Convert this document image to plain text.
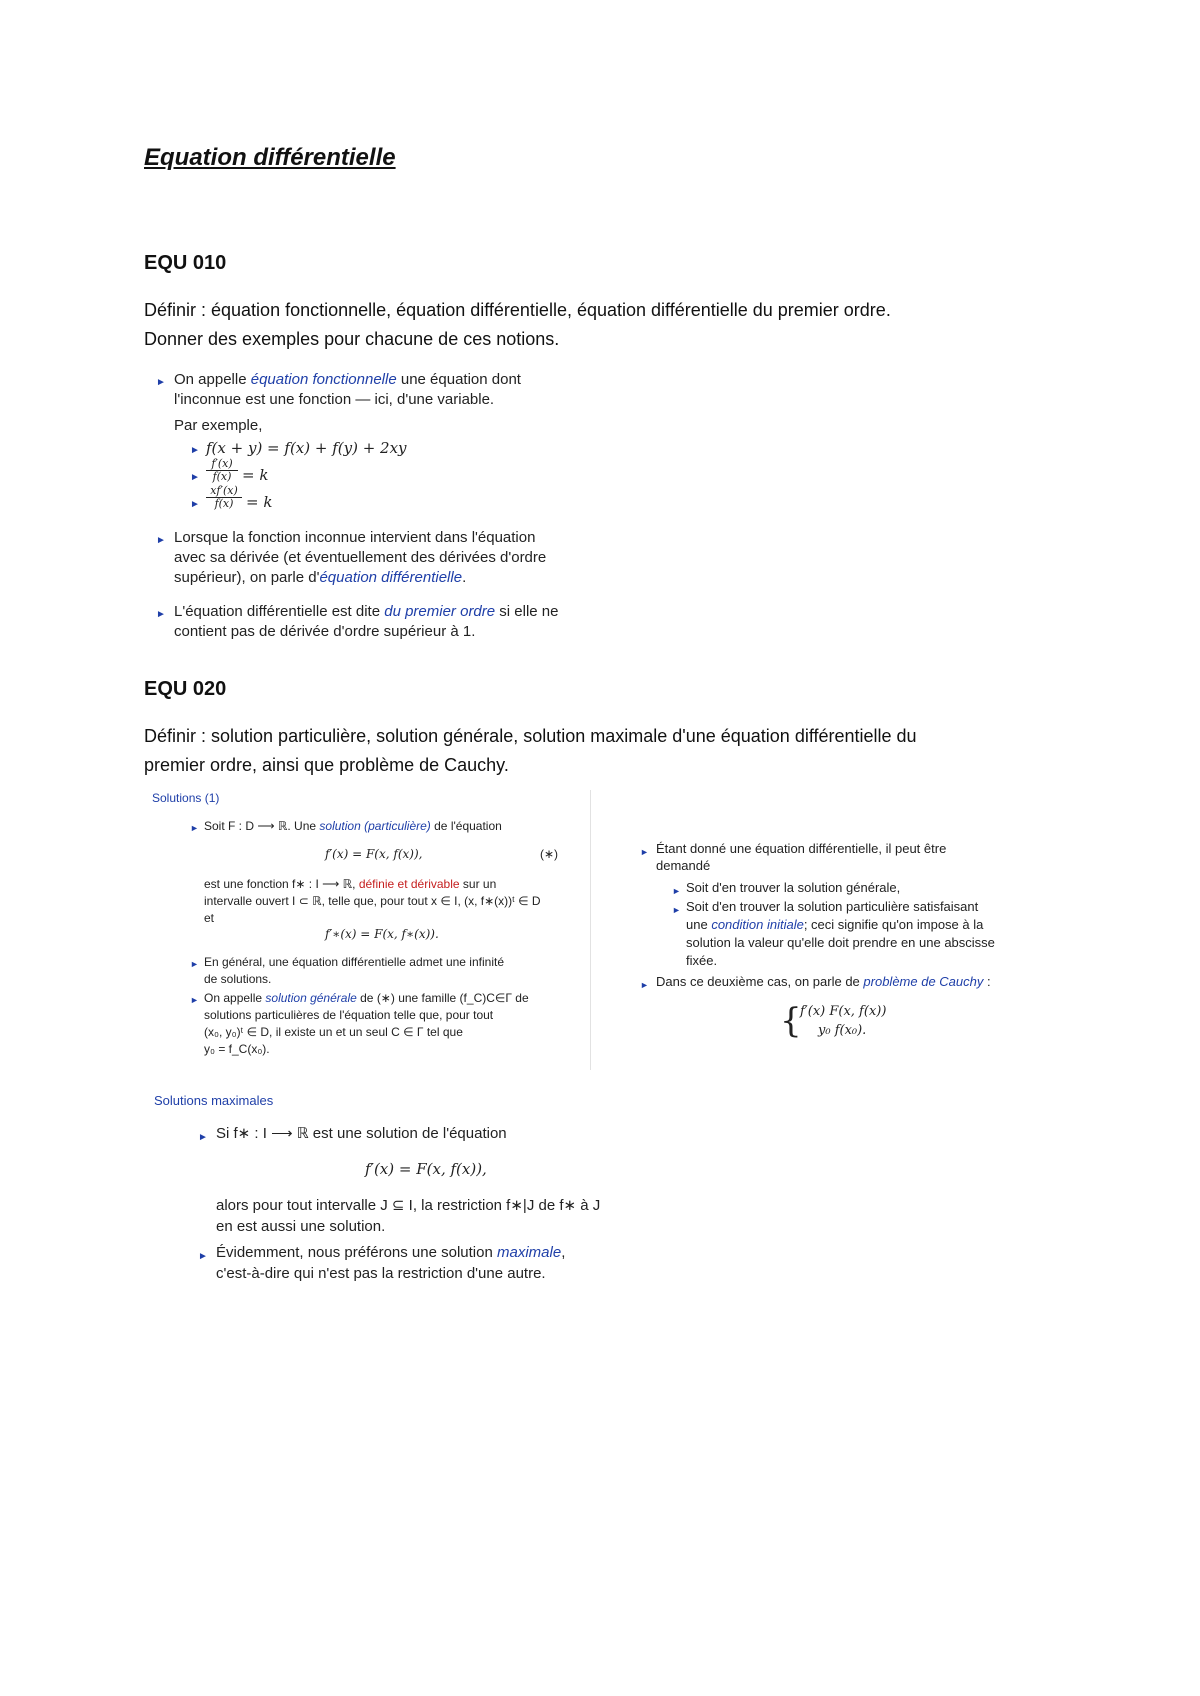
Equation différentielle
EQU 010
Définir : équation fonctionnelle, équation différentielle, équation différentielle du premier ordre.
Donner des exemples pour chacune de ces notions.
► On appelle équation fonctionnelle une équation dont
l'inconnue est une fonction — ici, d'une variable.
Par exemple,
► f(x + y) = f(x) + f(y) + 2xy
►
f′(x)
f(x) = k
►
xf′(x)
f(x) = k
► Lorsque la fonction inconnue intervient dans l'équation
avec sa dérivée (et éventuellement des dérivées d'ordre
supérieur), on parle d'équation différentielle.
► L'équation différentielle est dite du premier ordre si elle ne
contient pas de dérivée d'ordre supérieur à 1.
EQU 020
Définir : solution particulière, solution générale, solution maximale d'une équation différentielle du
premier ordre, ainsi que problème de Cauchy.
Solutions (1)
► Soit F : D ⟶ ℝ. Une solution (particulière) de l'équation
f′(x) = F(x, f(x)),	(∗)
est une fonction f∗ : I ⟶ ℝ, définie et dérivable sur un
intervalle ouvert I ⊂ ℝ, telle que, pour tout x ∈ I, (x, f∗(x))ᵗ ∈ D
et
f′∗(x) = F(x, f∗(x)).
► En général, une équation différentielle admet une infinité
de solutions.
► On appelle solution générale de (∗) une famille (f_C)C∈Γ de
solutions particulières de l'équation telle que, pour tout
(x₀, y₀)ᵗ ∈ D, il existe un et un seul C ∈ Γ tel que
y₀ = f_C(x₀).
► Étant donné une équation différentielle, il peut être
demandé
► Soit d'en trouver la solution générale,
► Soit d'en trouver la solution particulière satisfaisant
une condition initiale; ceci signifie qu'on impose à la
solution la valeur qu'elle doit prendre en une abscisse
fixée.
► Dans ce deuxième cas, on parle de problème de Cauchy :
{
f′(x) F(x, f(x))
y₀ f(x₀).
Solutions maximales
► Si f∗ : I ⟶ ℝ est une solution de l'équation
f′(x) = F(x, f(x)),
alors pour tout intervalle J ⊆ I, la restriction f∗|J de f∗ à J
en est aussi une solution.
► Évidemment, nous préférons une solution maximale,
c'est-à-dire qui n'est pas la restriction d'une autre.
